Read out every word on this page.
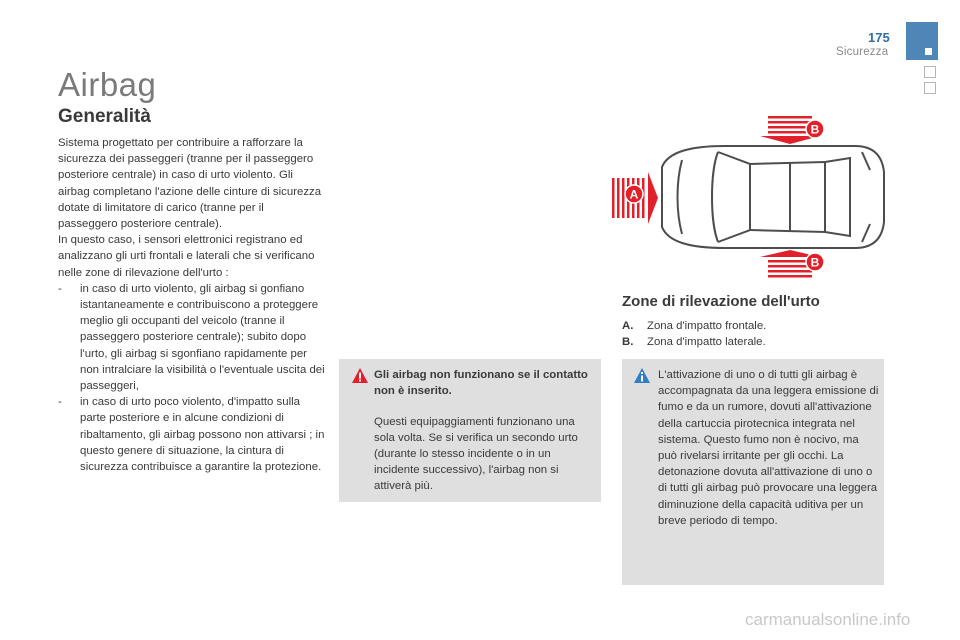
175
Sicurezza
Airbag
Generalità

Sistema progettato per contribuire a rafforzare la sicurezza dei passeggeri (tranne per il passeggero posteriore centrale) in caso di urto violento. Gli airbag completano l'azione delle cinture di sicurezza dotate di limitatore di carico (tranne per il passeggero posteriore centrale).

In questo caso, i sensori elettronici registrano ed analizzano gli urti frontali e laterali che si verificano nelle zone di rilevazione dell'urto :

- in caso di urto violento, gli airbag si gonfiano istantaneamente e contribuiscono a proteggere meglio gli occupanti del veicolo (tranne il passeggero posteriore centrale); subito dopo l'urto, gli airbag si sgonfiano rapidamente per non intralciare la visibilità o l'eventuale uscita dei passeggeri,
- in caso di urto poco violento, d'impatto sulla parte posteriore e in alcune condizioni di ribaltamento, gli airbag possono non attivarsi ; in questo genere di situazione, la cintura di sicurezza contribuisce a garantire la protezione.
Gli airbag non funzionano se il contatto non è inserito.
Questi equipaggiamenti funzionano una sola volta. Se si verifica un secondo urto (durante lo stesso incidente o in un incidente successivo), l'airbag non si attiverà più.
A
B
B
Zone di rilevazione dell'urto
A. Zona d'impatto frontale.
B. Zona d'impatto laterale.
L'attivazione di uno o di tutti gli airbag è accompagnata da una leggera emissione di fumo e da un rumore, dovuti all'attivazione della cartuccia pirotecnica integrata nel sistema. Questo fumo non è nocivo, ma può rivelarsi irritante per gli occhi. La detonazione dovuta all'attivazione di uno o di tutti gli airbag può provocare una leggera diminuzione della capacità uditiva per un breve periodo di tempo.
carmanualsonline.info
